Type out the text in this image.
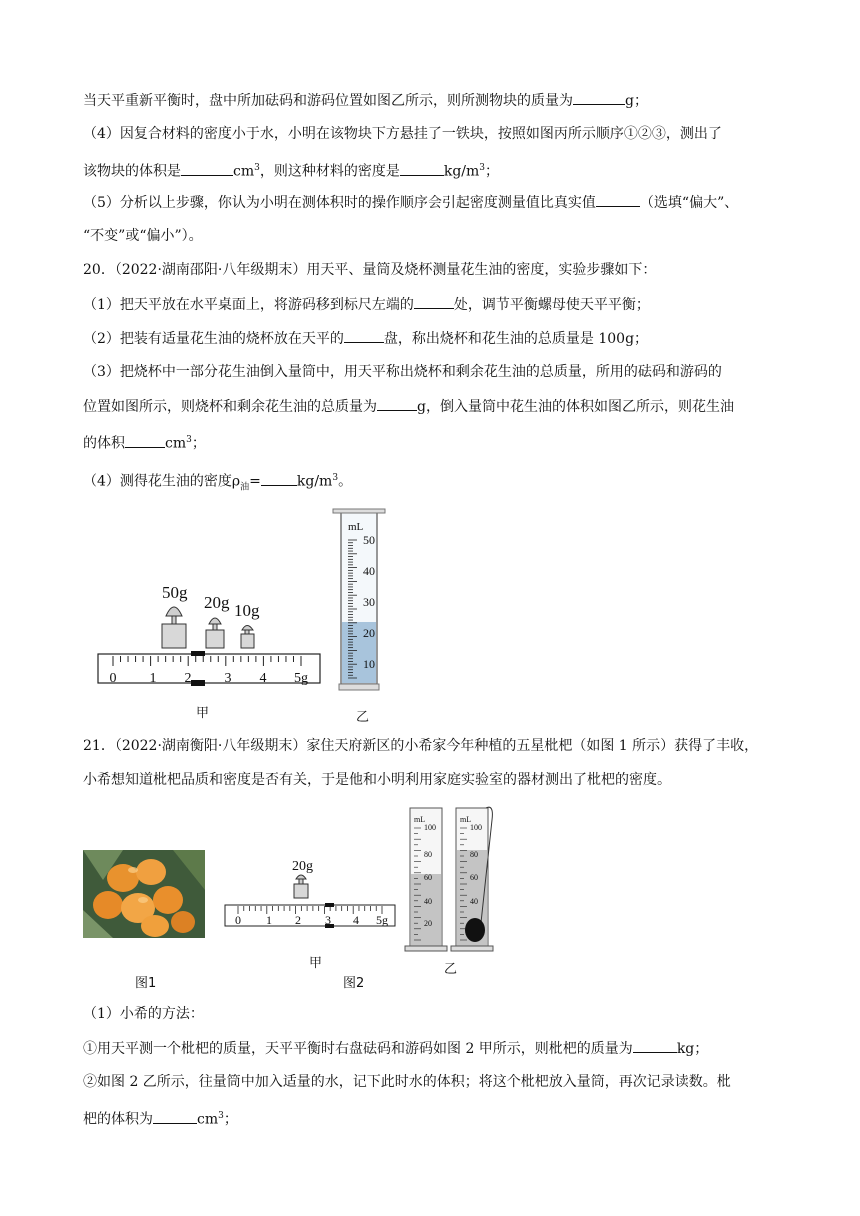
当天平重新平衡时，盘中所加砝码和游码位置如图乙所示，则所测物块的质量为	g；
（4）因复合材料的密度小于水，小明在该物块下方悬挂了一铁块，按照如图丙所示顺序①②③，测出了
该物块的体积是	$cm^3$，则这种材料的密度是	$kg/m^3$；
（5）分析以上步骤，你认为小明在测体积时的操作顺序会引起密度测量值比真实值	（选填“偏大”、
“不变”或“偏小”）。
20．（2022·湖南邵阳·八年级期末）用天平、量筒及烧杯测量花生油的密度，实验步骤如下：
（1）把天平放在水平桌面上，将游码移到标尺左端的	处，调节平衡螺母使天平平衡；
（2）把装有适量花生油的烧杯放在天平的	盘，称出烧杯和花生油的总质量是 100g；
（3）把烧杯中一部分花生油倒入量筒中，用天平称出烧杯和剩余花生油的总质量，所用的砝码和游码的
位置如图所示，则烧杯和剩余花生油的总质量为	g，倒入量筒中花生油的体积如图乙所示，则花生油
的体积	$cm^3$；
（4）测得花生油的密度$\rho_油=$	$kg/m^3$。
50g
20g 10g
0 1 2 3 4 5g
甲
mL
50
40
30
20
10
乙
21．（2022·湖南衡阳·八年级期末）家住天府新区的小希家今年种植的五星枇杷（如图 1 所示）获得了丰收，
小希想知道枇杷品质和密度是否有关，于是他和小明利用家庭实验室的器材测出了枇杷的密度。
20g
0 1 2 3 4 5g
mL
100
80
60
40
20
mL
100
80
60
40
甲
图1	图2
乙
（1）小希的方法：
①用天平测一个枇杷的质量，天平平衡时右盘砝码和游码如图 2 甲所示，则枇杷的质量为	kg；
②如图 2 乙所示，往量筒中加入适量的水，记下此时水的体积；将这个枇杷放入量筒，再次记录读数。枇
杷的体积为	$cm^3$；
